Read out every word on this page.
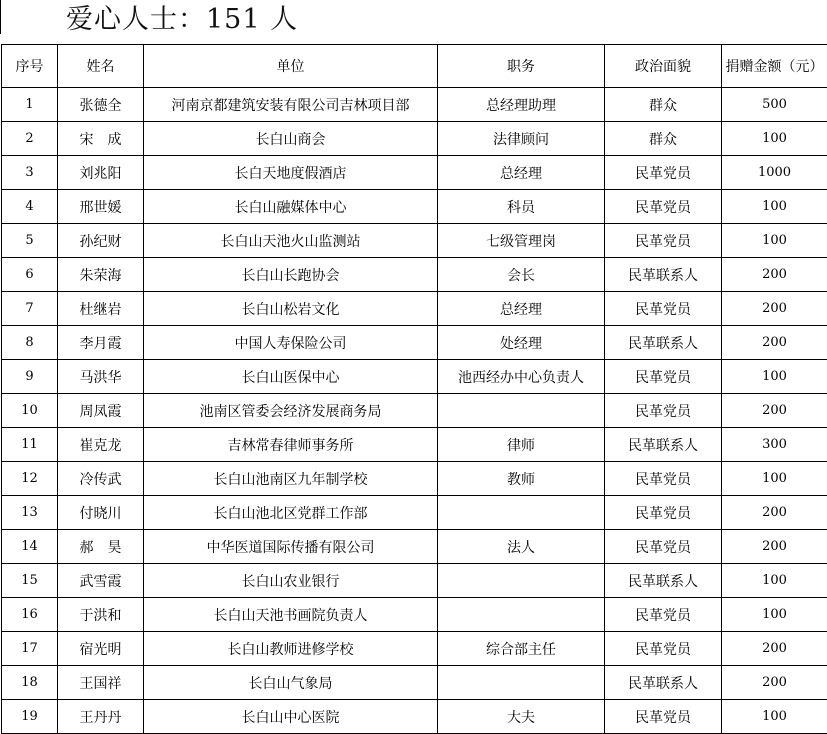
爱心人士：151 人
序号	姓名	单位	职务	政治面貌	捐赠金额（元）
1	张德全	河南京都建筑安装有限公司吉林项目部	总经理助理	群众	500
2	宋　成	长白山商会	法律顾问	群众	100
3	刘兆阳	长白天地度假酒店	总经理	民革党员	1000
4	邢世媛	长白山融媒体中心	科员	民革党员	100
5	孙纪财	长白山天池火山监测站	七级管理岗	民革党员	100
6	朱荣海	长白山长跑协会	会长	民革联系人	200
7	杜继岩	长白山松岩文化	总经理	民革党员	200
8	李月霞	中国人寿保险公司	处经理	民革联系人	200
9	马洪华	长白山医保中心	池西经办中心负责人	民革党员	100
10	周凤霞	池南区管委会经济发展商务局		民革党员	200
11	崔克龙	吉林常春律师事务所	律师	民革联系人	300
12	冷传武	长白山池南区九年制学校	教师	民革党员	100
13	付晓川	长白山池北区党群工作部		民革党员	200
14	郝　昊	中华医道国际传播有限公司	法人	民革党员	200
15	武雪霞	长白山农业银行		民革联系人	100
16	于洪和	长白山天池书画院负责人		民革党员	100
17	宿光明	长白山教师进修学校	综合部主任	民革党员	200
18	王国祥	长白山气象局		民革联系人	200
19	王丹丹	长白山中心医院	大夫	民革党员	100
